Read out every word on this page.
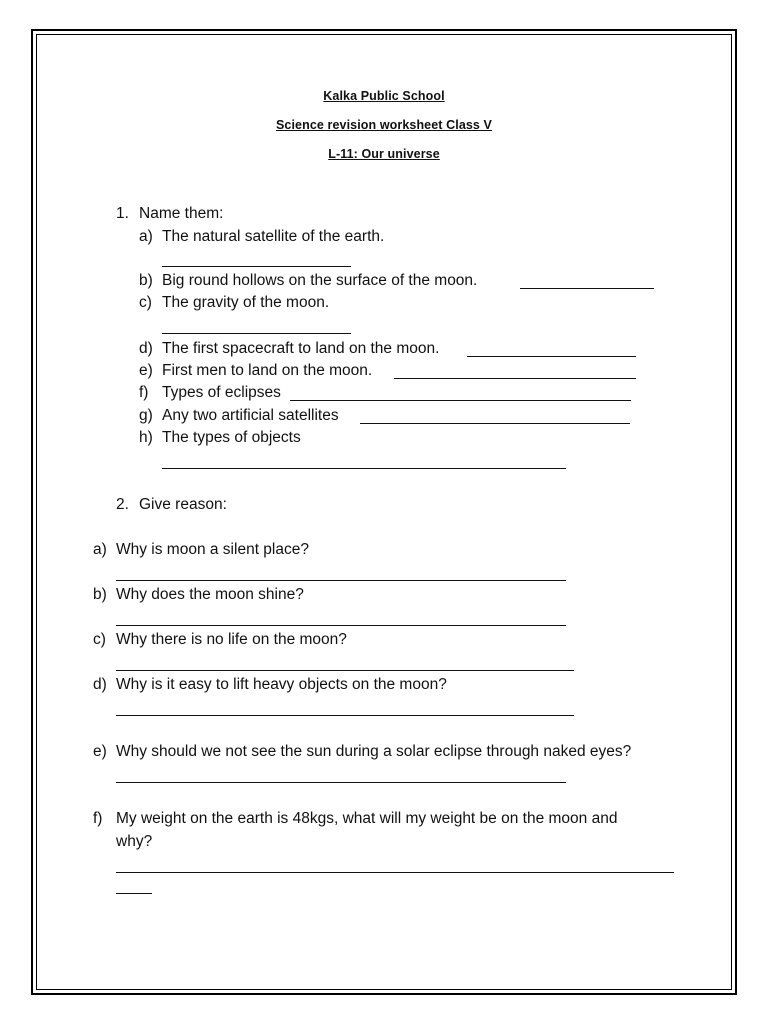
Kalka Public School
Science revision worksheet Class V
L-11: Our universe
1. Name them:
a) The natural satellite of the earth.
b) Big round hollows on the surface of the moon.
c) The gravity of the moon.
d) The first spacecraft to land on the moon.
e) First men to land on the moon.
f) Types of eclipses
g) Any two artificial satellites
h) The types of objects
2. Give reason:
a) Why is moon a silent place?
b) Why does the moon shine?
c) Why there is no life on the moon?
d) Why is it easy to lift heavy objects on the moon?
e) Why should we not see the sun during a solar eclipse through naked eyes?
f) My weight on the earth is 48kgs, what will my weight be on the moon and
why?
